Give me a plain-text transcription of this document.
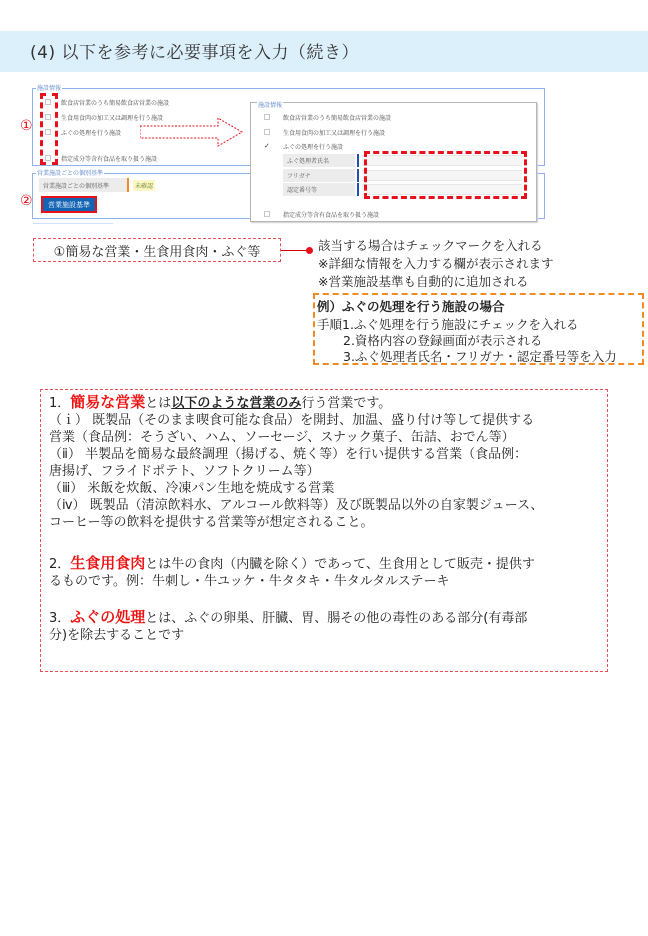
(4) 以下を参考に必要事項を入力（続き）
施設情報
飲食店営業のうち簡易飲食店営業の施設
生食用食肉の加工又は調理を行う施設
ふぐの処理を行う施設
指定成分等含有食品を取り扱う施設
①
営業施設ごとの個別基準
営業施設ごとの個別基準	未確認
営業施設基準
②
施設情報
飲食店営業のうち簡易飲食店営業の施設
生食用食肉の加工又は調理を行う施設
✓ ふぐの処理を行う施設
ふぐ処理者氏名
フリガナ
認定番号等
指定成分等含有食品を取り扱う施設
①簡易な営業・生食用食肉・ふぐ等	該当する場合はチェックマークを入れる
※詳細な情報を入力する欄が表示されます
※営業施設基準も自動的に追加される
例）ふぐの処理を行う施設の場合
手順1.ふぐ処理を行う施設にチェックを入れる
2.資格内容の登録画面が表示される
3.ふぐ処理者氏名・フリガナ・認定番号等を入力
1．簡易な営業とは以下のような営業のみ行う営業です。
（ｉ） 既製品（そのまま喫食可能な食品）を開封、加温、盛り付け等して提供する
営業（食品例：そうざい、ハム、ソーセージ、スナック菓子、缶詰、おでん等）
（ⅱ） 半製品を簡易な最終調理（揚げる、焼く等）を行い提供する営業（食品例：
唐揚げ、フライドポテト、ソフトクリーム等）
（ⅲ） 米飯を炊飯、冷凍パン生地を焼成する営業
（ⅳ） 既製品（清涼飲料水、アルコール飲料等）及び既製品以外の自家製ジュース、
コーヒー等の飲料を提供する営業等が想定されること。
2．生食用食肉とは牛の食肉（内臓を除く）であって、生食用として販売・提供す
るものです。例：牛刺し・牛ユッケ・牛タタキ・牛タルタルステーキ
3．ふぐの処理とは、ふぐの卵巣、肝臓、胃、腸その他の毒性のある部分(有毒部
分)を除去することです
